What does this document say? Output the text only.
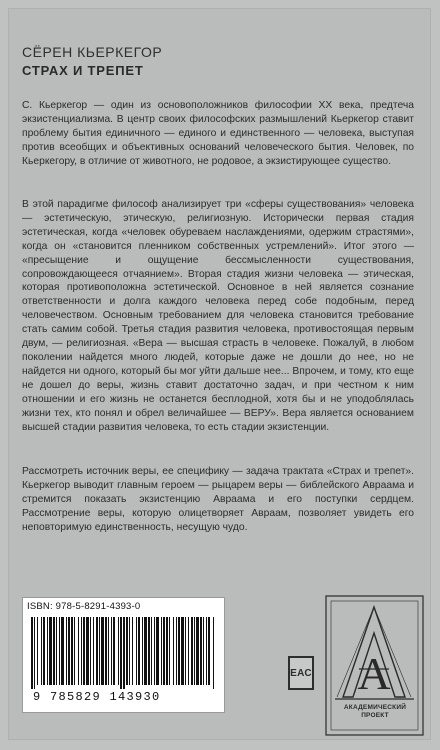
СЁРЕН КЬЕРКЕГОР
СТРАХ И ТРЕПЕТ

С. Кьеркегор — один из основоположников философии XX века, предтеча экзистенциализма. В центр своих философских размышлений Кьеркегор ставит проблему бытия единичного — единого и единственного — человека, выступая против всеобщих и объективных оснований человеческого бытия. Человек, по Кьеркегору, в отличие от животного, не родовое, а экзистирующее существо.

В этой парадигме философ анализирует три «сферы существования» человека — эстетическую, этическую, религиозную. Исторически первая стадия эстетическая, когда «человек обуреваем наслаждениями, одержим страстями», когда он «становится пленником собственных устремлений». Итог этого — «пресыщение и ощущение бессмысленности существования, сопровождающееся отчаянием». Вторая стадия жизни человека — этическая, которая противоположна эстетической. Основное в ней является сознание ответственности и долга каждого человека перед собе подобным, перед человечеством. Основным требованием для человека становится требование стать самим собой. Третья стадия развития человека, противостоящая первым двум, — религиозная. «Вера — высшая страсть в человеке. Пожалуй, в любом поколении найдется много людей, которые даже не дошли до нее, но не найдется ни одного, который бы мог уйти дальше нее... Впрочем, и тому, кто еще не дошел до веры, жизнь ставит достаточно задач, и при честном к ним отношении и его жизнь не останется бесплодной, хотя бы и не уподоблялась жизни тех, кто понял и обрел величайшее — ВЕРУ». Вера является основанием высшей стадии развития человека, то есть стадии экзистенции.

Рассмотреть источник веры, ее специфику — задача трактата «Страх и трепет». Кьеркегор выводит главным героем — рыцарем веры — библейского Авраама и стремится показать экзистенцию Авраама и его поступки сердцем. Рассмотрение веры, которую олицетворяет Авраам, позволяет увидеть его неповторимую единственность, несущую чудо.

ISBN: 978-5-8291-4393-0
9 785829 143930
ЕАС A
АКАДЕМИЧЕСКИЙ
ПРОЕКТ
